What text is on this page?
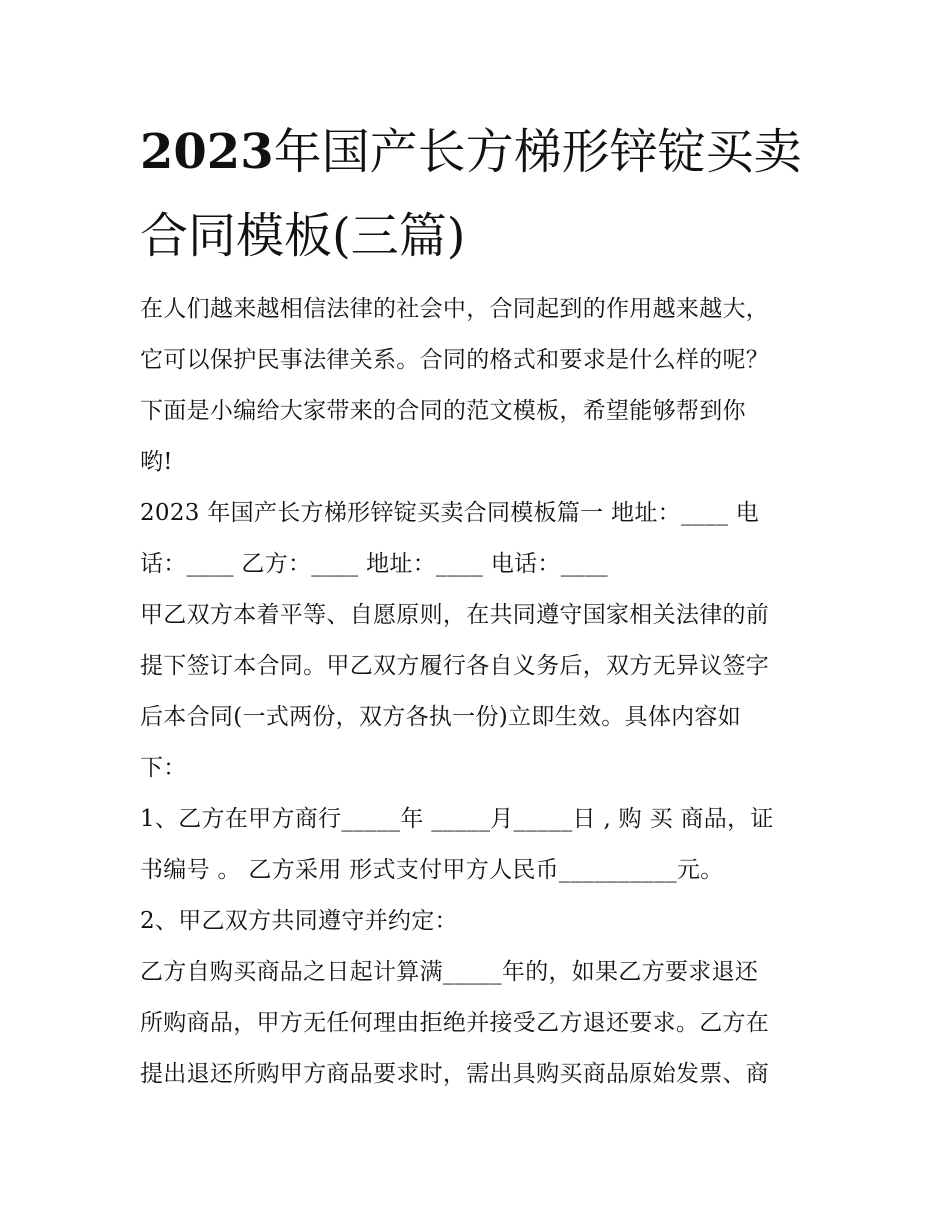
2023年国产长方梯形锌锭买卖
合同模板(三篇)
在人们越来越相信法律的社会中，合同起到的作用越来越大，
它可以保护民事法律关系。合同的格式和要求是什么样的呢？
下面是小编给大家带来的合同的范文模板，希望能够帮到你
哟!
2023 年国产长方梯形锌锭买卖合同模板篇一 地址：____ 电
话：____ 乙方：____ 地址：____ 电话：____
甲乙双方本着平等、自愿原则，在共同遵守国家相关法律的前
提下签订本合同。甲乙双方履行各自义务后，双方无异议签字
后本合同(一式两份，双方各执一份)立即生效。具体内容如
下：
1、乙方在甲方商行_____年 _____月_____日 , 购 买 商品，证
书编号 。 乙方采用 形式支付甲方人民币__________元。
2、甲乙双方共同遵守并约定：
乙方自购买商品之日起计算满_____年的，如果乙方要求退还
所购商品，甲方无任何理由拒绝并接受乙方退还要求。乙方在
提出退还所购甲方商品要求时，需出具购买商品原始发票、商
